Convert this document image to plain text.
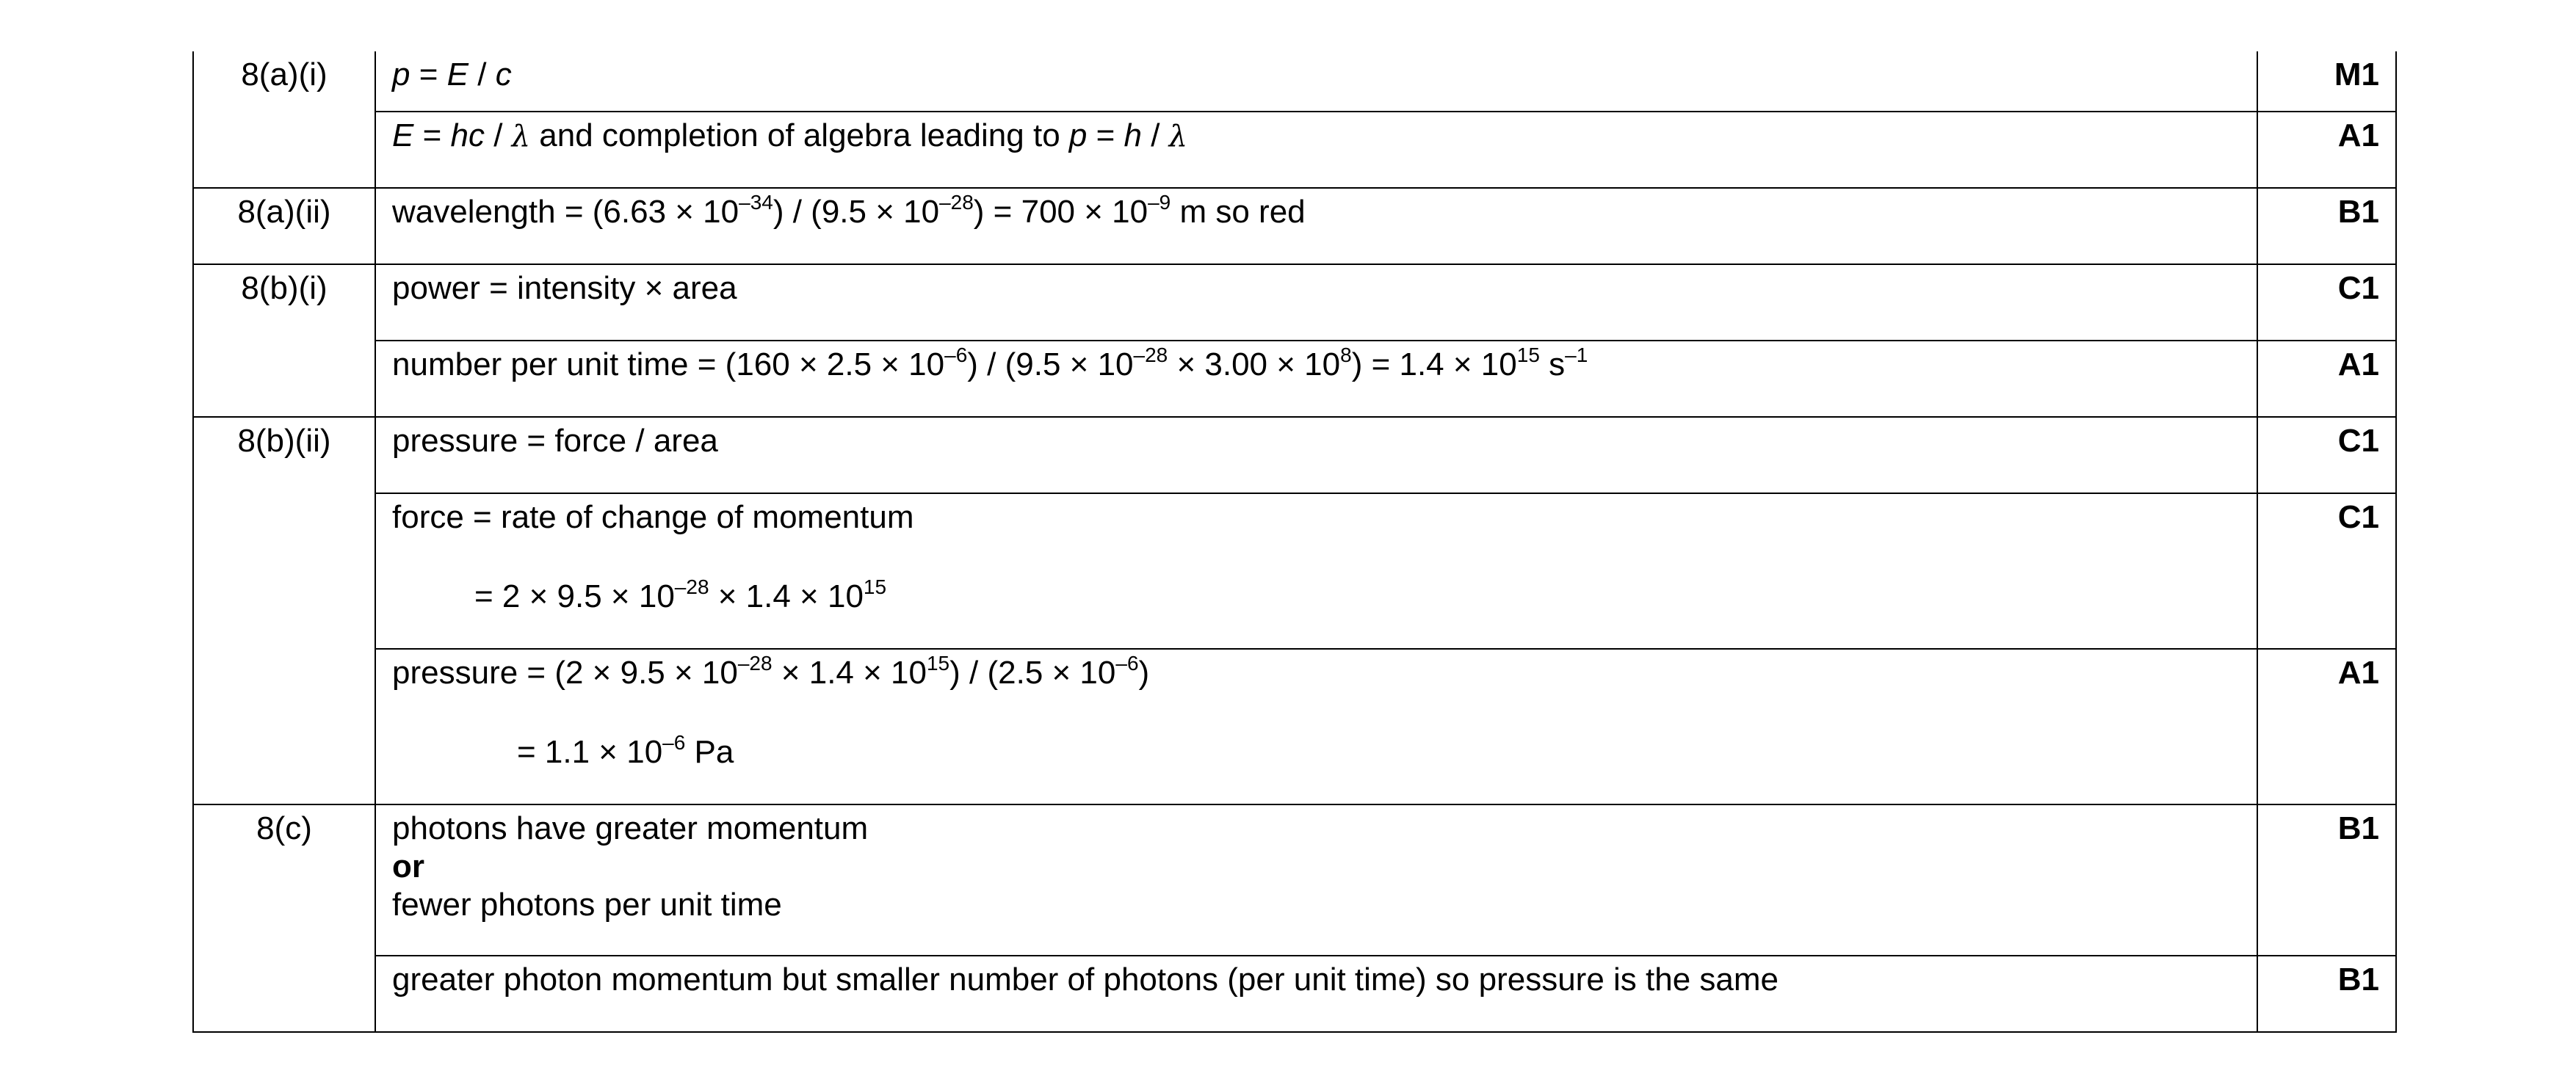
8(a)(i)	p = E / c	M1

	E = hc / λ and completion of algebra leading to p = h / λ	A1
8(a)(ii)	wavelength = $(6.63 \times 10^{-34}) / (9.5 \times 10^{-28}) = 700 \times 10^{-9}$ m so red	B1
8(b)(i)	power = intensity × area	C1

	number per unit time = $(160 \times 2.5 \times 10^{-6}) / (9.5 \times 10^{-28} \times 3.00 \times 10^8) = 1.4 \times 10^{15}$ $s^{-1}$	A1
8(b)(ii)	pressure = force / area	C1

	force = rate of change of momentum
= $2 \times 9.5 \times 10^{-28} \times 1.4 \times 10^{15}$	C1

	pressure = $(2 \times 9.5 \times 10^{-28} \times 1.4 \times 10^{15}) / (2.5 \times 10^{-6})$
= $1.1 \times 10^{-6}$ Pa	A1
8(c)	photons have greater momentum
or
fewer photons per unit time	B1

	greater photon momentum but smaller number of photons (per unit time) so pressure is the same	B1
